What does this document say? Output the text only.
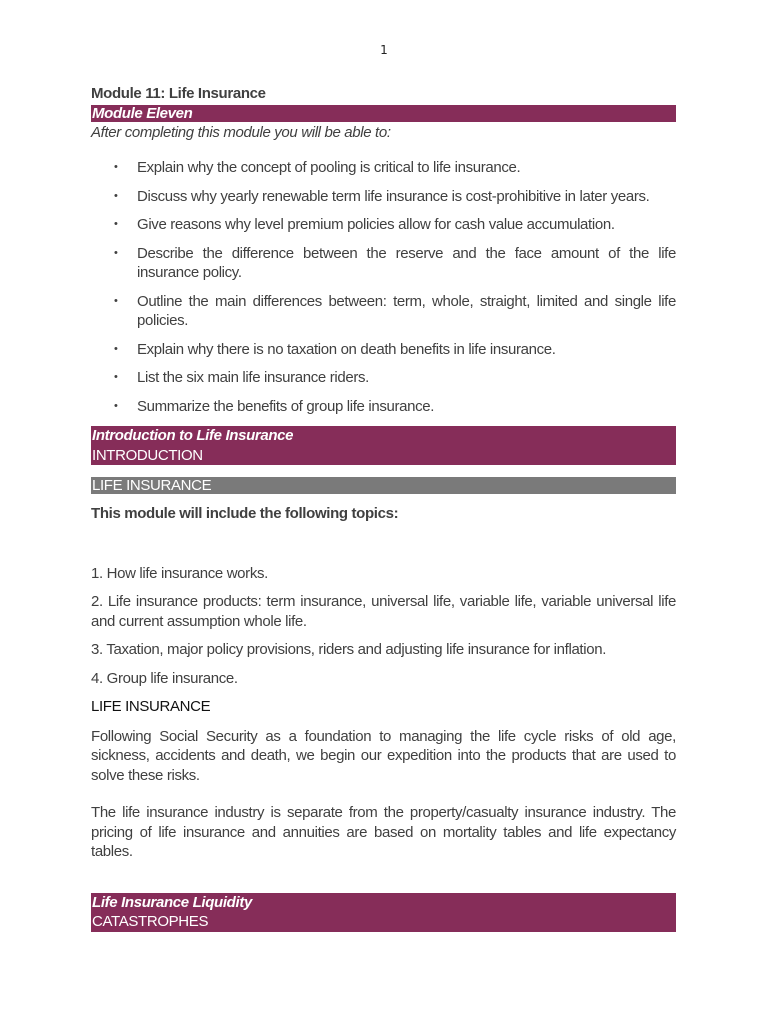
1
Module 11: Life Insurance
Module Eleven
After completing this module you will be able to:
• Explain why the concept of pooling is critical to life insurance.
• Discuss why yearly renewable term life insurance is cost-prohibitive in later years.
• Give reasons why level premium policies allow for cash value accumulation.
• Describe the difference between the reserve and the face amount of the life insurance policy.
• Outline the main differences between: term, whole, straight, limited and single life policies.
• Explain why there is no taxation on death benefits in life insurance.
• List the six main life insurance riders.
• Summarize the benefits of group life insurance.
Introduction to Life Insurance
INTRODUCTION
LIFE INSURANCE
This module will include the following topics:
1. How life insurance works.
2. Life insurance products: term insurance, universal life, variable life, variable universal life and current assumption whole life.
3. Taxation, major policy provisions, riders and adjusting life insurance for inflation.
4. Group life insurance.
LIFE INSURANCE
Following Social Security as a foundation to managing the life cycle risks of old age, sickness, accidents and death, we begin our expedition into the products that are used to solve these risks.
The life insurance industry is separate from the property/casualty insurance industry. The pricing of life insurance and annuities are based on mortality tables and life expectancy tables.
Life Insurance Liquidity
CATASTROPHES
